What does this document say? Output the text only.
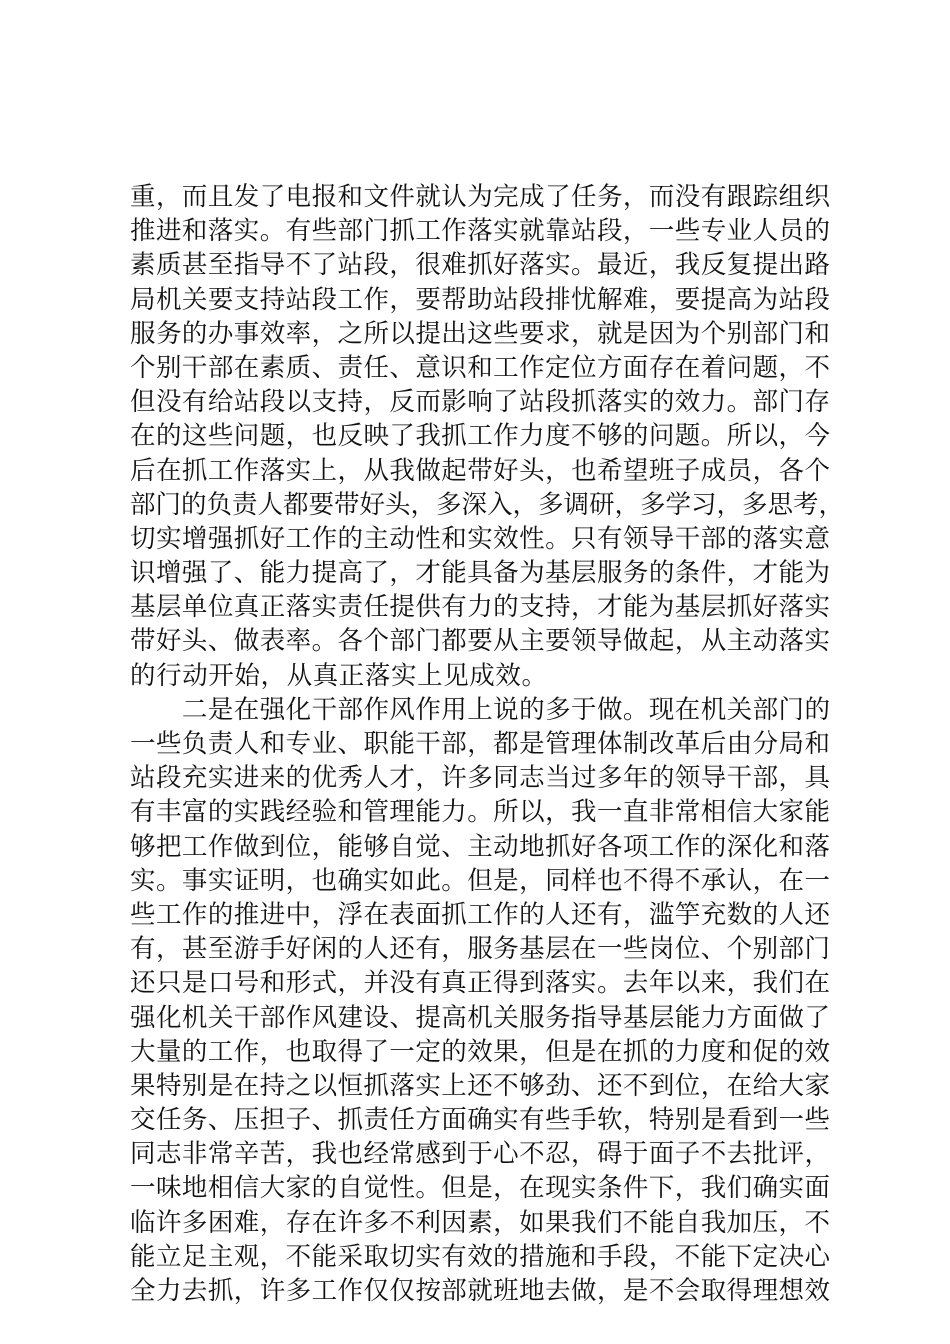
重，而且发了电报和文件就认为完成了任务，而没有跟踪组织
推进和落实。有些部门抓工作落实就靠站段，一些专业人员的
素质甚至指导不了站段，很难抓好落实。最近，我反复提出路
局机关要支持站段工作，要帮助站段排忧解难，要提高为站段
服务的办事效率，之所以提出这些要求，就是因为个别部门和
个别干部在素质、责任、意识和工作定位方面存在着问题，不
但没有给站段以支持，反而影响了站段抓落实的效力。部门存
在的这些问题，也反映了我抓工作力度不够的问题。所以，今
后在抓工作落实上，从我做起带好头，也希望班子成员，各个
部门的负责人都要带好头，多深入，多调研，多学习，多思考，
切实增强抓好工作的主动性和实效性。只有领导干部的落实意
识增强了、能力提高了，才能具备为基层服务的条件，才能为
基层单位真正落实责任提供有力的支持，才能为基层抓好落实
带好头、做表率。各个部门都要从主要领导做起，从主动落实
的行动开始，从真正落实上见成效。
　　二是在强化干部作风作用上说的多于做。现在机关部门的
一些负责人和专业、职能干部，都是管理体制改革后由分局和
站段充实进来的优秀人才，许多同志当过多年的领导干部，具
有丰富的实践经验和管理能力。所以，我一直非常相信大家能
够把工作做到位，能够自觉、主动地抓好各项工作的深化和落
实。事实证明，也确实如此。但是，同样也不得不承认，在一
些工作的推进中，浮在表面抓工作的人还有，滥竽充数的人还
有，甚至游手好闲的人还有，服务基层在一些岗位、个别部门
还只是口号和形式，并没有真正得到落实。去年以来，我们在
强化机关干部作风建设、提高机关服务指导基层能力方面做了
大量的工作，也取得了一定的效果，但是在抓的力度和促的效
果特别是在持之以恒抓落实上还不够劲、还不到位，在给大家
交任务、压担子、抓责任方面确实有些手软，特别是看到一些
同志非常辛苦，我也经常感到于心不忍，碍于面子不去批评，
一味地相信大家的自觉性。但是，在现实条件下，我们确实面
临许多困难，存在许多不利因素，如果我们不能自我加压，不
能立足主观，不能采取切实有效的措施和手段，不能下定决心
全力去抓，许多工作仅仅按部就班地去做，是不会取得理想效
